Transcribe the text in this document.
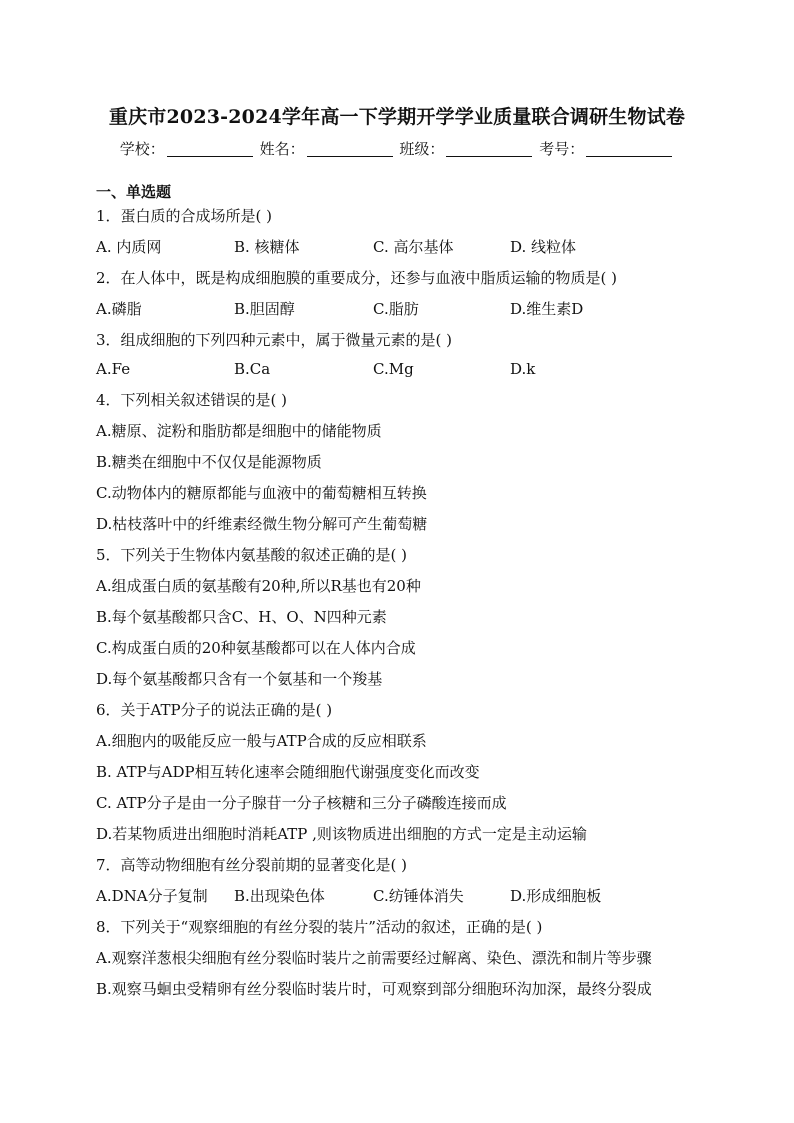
重庆市2023-2024学年高一下学期开学学业质量联合调研生物试卷
学校：	姓名：	班级：	考号：
一、单选题
1．蛋白质的合成场所是( )
A. 内质网	B. 核糖体	C. 高尔基体	D. 线粒体
2．在人体中，既是构成细胞膜的重要成分，还参与血液中脂质运输的物质是( )
A.磷脂	B.胆固醇	C.脂肪	D.维生素D
3．组成细胞的下列四种元素中，属于微量元素的是( )
A.Fe	B.Ca	C.Mg	D.k
4．下列相关叙述错误的是( )
A.糖原、淀粉和脂肪都是细胞中的储能物质
B.糖类在细胞中不仅仅是能源物质
C.动物体内的糖原都能与血液中的葡萄糖相互转换
D.枯枝落叶中的纤维素经微生物分解可产生葡萄糖
5．下列关于生物体内氨基酸的叙述正确的是( )
A.组成蛋白质的氨基酸有20种,所以R基也有20种
B.每个氨基酸都只含C、H、O、N四种元素
C.构成蛋白质的20种氨基酸都可以在人体内合成
D.每个氨基酸都只含有一个氨基和一个羧基
6．关于ATP分子的说法正确的是( )
A.细胞内的吸能反应一般与ATP合成的反应相联系
B. ATP与ADP相互转化速率会随细胞代谢强度变化而改变
C. ATP分子是由一分子腺苷一分子核糖和三分子磷酸连接而成
D.若某物质进出细胞时消耗ATP ,则该物质进出细胞的方式一定是主动运输
7．高等动物细胞有丝分裂前期的显著变化是( )
A.DNA分子复制 B.出现染色体	C.纺锤体消失	D.形成细胞板
8．下列关于“观察细胞的有丝分裂的装片”活动的叙述，正确的是( )
A.观察洋葱根尖细胞有丝分裂临时装片之前需要经过解离、染色、漂洗和制片等步骤
B.观察马蛔虫受精卵有丝分裂临时装片时，可观察到部分细胞环沟加深，最终分裂成
